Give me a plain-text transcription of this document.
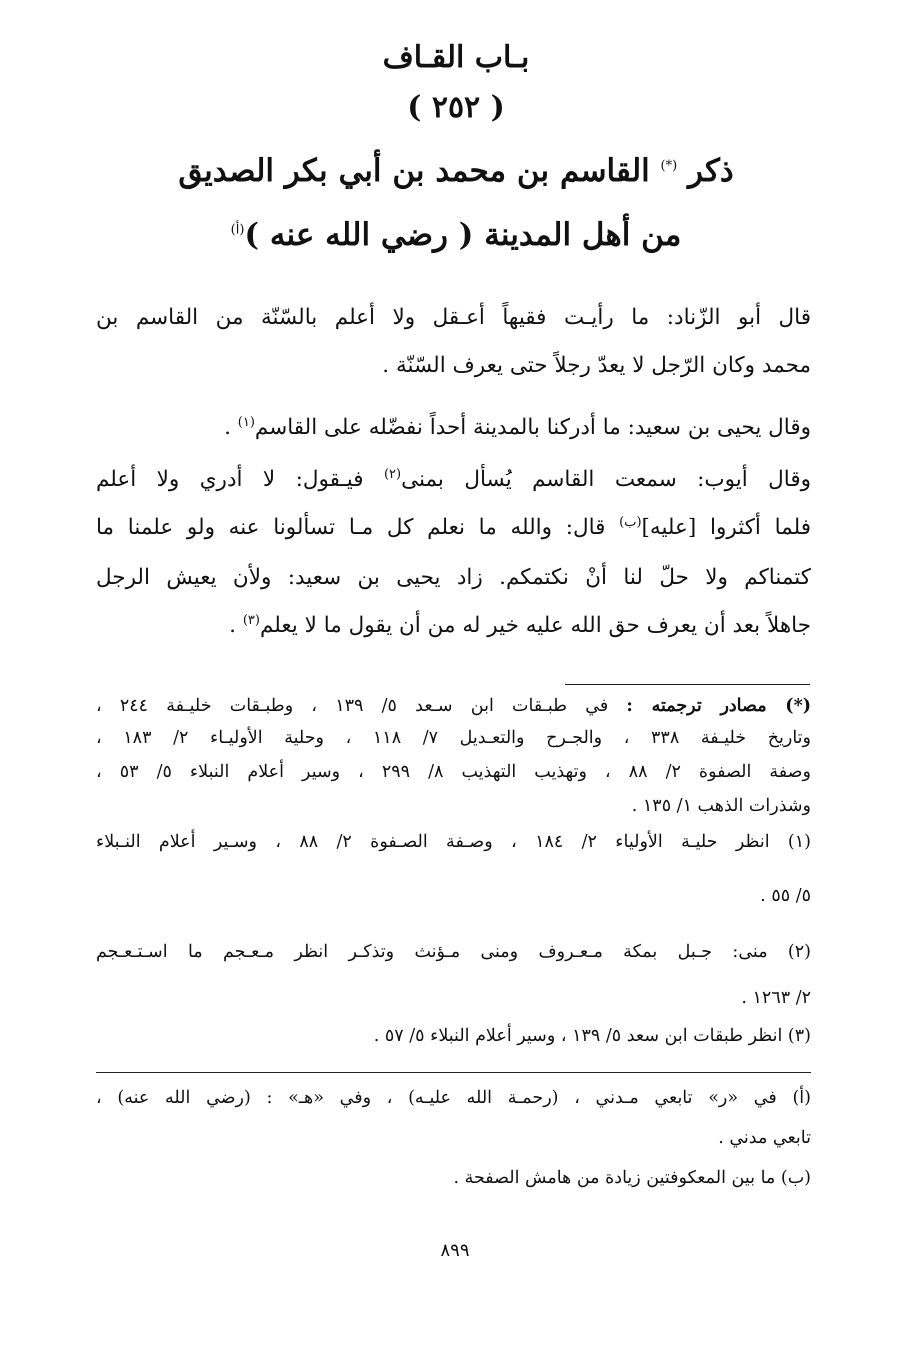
بـاب القـاف
( ٢٥٢ )
ذكر (*) القاسم بن محمد بن أبي بكر الصديق
من أهل المدينة ( رضي الله عنه )$^{(أ)}$
قال أبو الزّناد: ما رأيـت فقيهاً أعـقل ولا أعلم بالسّنّة من القاسم بن
محمد وكان الرّجل لا يعدّ رجلاً حتى يعرف السّنّة .
وقال يحيى بن سعيد: ما أدركنا بالمدينة أحداً نفضّله على القاسم$^{(١)}$ .
وقال أيوب: سمعت القاسم يُسأل بمنى$^{(٢)}$ فيـقول: لا أدري ولا أعلم
فلما أكثروا [عليه]$^{(ب)}$ قال: والله ما نعلم كل مـا تسألونا عنه ولو علمنا ما
كتمناكم ولا حلّ لنا أنْ نكتمكم. زاد يحيى بن سعيد: ولأن يعيش الرجل
جاهلاً بعد أن يعرف حق الله عليه خير له من أن يقول ما لا يعلم$^{(٣)}$ .
(*) مصادر ترجمته : في طبـقات ابن سـعد ٥/ ١٣٩ ، وطبـقات خليـفة ٢٤٤ ،
وتاريخ خليـفة ٣٣٨ ، والجـرح والتعـديل ٧/ ١١٨ ، وحلية الأوليـاء ٢/ ١٨٣ ،
وصفة الصفوة ٢/ ٨٨ ، وتهذيب التهذيب ٨/ ٢٩٩ ، وسير أعلام النبلاء ٥/ ٥٣ ،
وشذرات الذهب ١/ ١٣٥ .
(١) انظر حليـة الأولياء ٢/ ١٨٤ ، وصـفة الصـفوة ٢/ ٨٨ ، وسـير أعلام النـبلاء
٥/ ٥٥ .
(٢) منى: جـبل بمكة مـعـروف ومنى مـؤنث وتذكـر انظر مـعـجم ما اسـتـعـجم
٢/ ١٢٦٣ .
(٣) انظر طبقات ابن سعد ٥/ ١٣٩ ، وسير أعلام النبلاء ٥/ ٥٧ .
(أ) في «ر» تابعي مـدني ، (رحمـة الله عليـه) ، وفي «هـ» : (رضي الله عنه) ،
تابعي مدني .
(ب) ما بين المعكوفتين زيادة من هامش الصفحة .
٨٩٩
